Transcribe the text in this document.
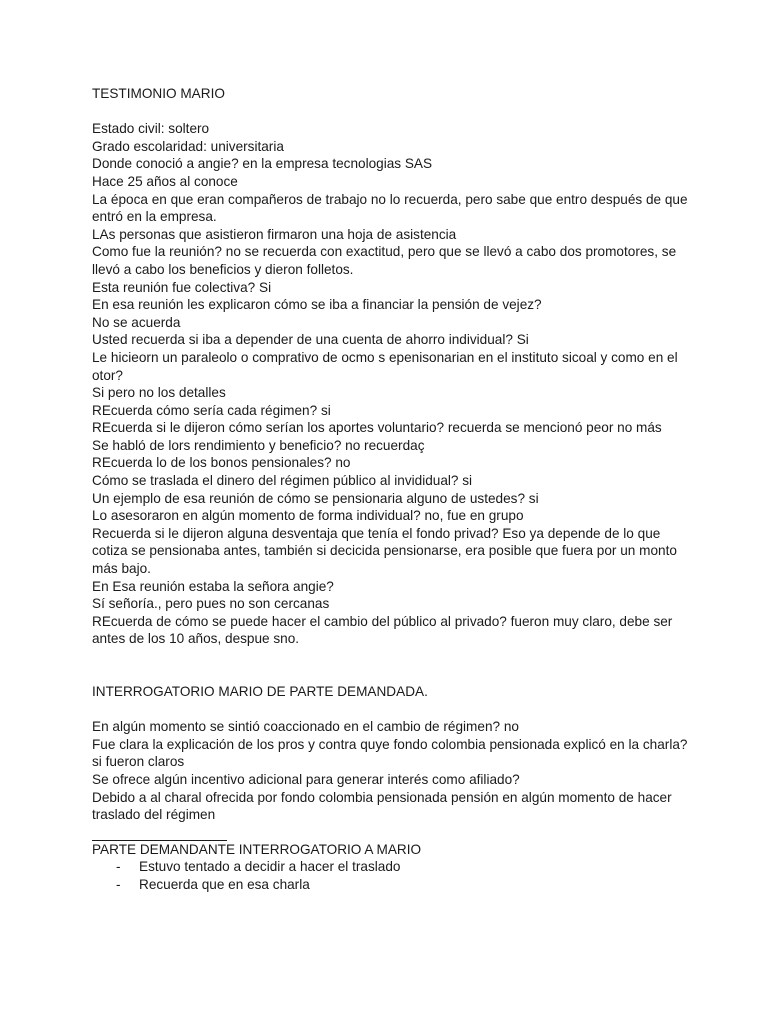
TESTIMONIO MARIO

Estado civil: soltero

Grado escolaridad: universitaria

Donde conoció a angie? en la empresa tecnologias SAS

Hace 25 años al conoce

La época en que eran compañeros de trabajo no lo recuerda, pero sabe que entro después de que entró en la empresa.

LAs personas que asistieron firmaron una hoja de asistencia

Como fue la reunión? no se recuerda con exactitud, pero que se llevó a cabo dos promotores, se llevó a cabo los beneficios y dieron folletos.

Esta reunión fue colectiva? Si

En esa reunión les explicaron cómo se iba a financiar la pensión de vejez?

No se acuerda

Usted recuerda si iba a depender de una cuenta de ahorro individual? Si

Le hicieorn un paraleolo o comprativo de ocmo s epenisonarian en el instituto sicoal y como en el otor?

Si pero no los detalles

REcuerda cómo sería cada régimen? si

REcuerda si le dijeron cómo serían los aportes voluntario? recuerda se mencionó peor no más

Se habló de lors rendimiento y beneficio? no recuerdaç

REcuerda lo de los bonos pensionales? no

Cómo se traslada el dinero del régimen público al invididual? si

Un ejemplo de esa reunión de cómo se pensionaria alguno de ustedes? si

Lo asesoraron en algún momento de forma individual? no, fue en grupo

Recuerda si le dijeron alguna desventaja que tenía el fondo privad? Eso ya depende de lo que cotiza se pensionaba antes, también si decicida pensionarse, era posible que fuera por un monto más bajo.

En Esa reunión estaba la señora angie?

Sí señoría., pero pues no son cercanas

REcuerda de cómo se puede hacer el cambio del público al privado? fueron muy claro, debe ser antes de los 10 años, despue sno.

INTERROGATORIO MARIO DE PARTE DEMANDADA.

En algún momento se sintió coaccionado en el cambio de régimen? no

Fue clara la explicación de los pros y contra quye fondo colombia pensionada explicó en la charla? si fueron claros

Se ofrece algún incentivo adicional para generar interés como afiliado?

Debido a al charal ofrecida por fondo colombia pensionada pensión en algún momento de hacer traslado del régimen

PARTE DEMANDANTE INTERROGATORIO A MARIO

- Estuvo tentado a decidir a hacer el traslado
- Recuerda que en esa charla
